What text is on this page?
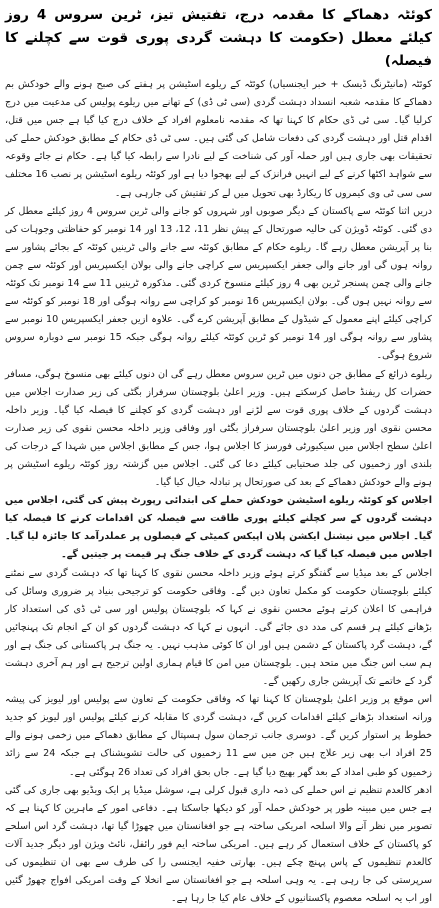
کوئٹہ دھماکے کا مقدمہ درج، تفتیش تیز، ٹرین سروس 4 روز کیلئے معطل (حکومت کا دہشت گردی پوری قوت سے کچلنے کا فیصلہ)

کوئٹہ (مانیٹرنگ ڈیسک + خبر ایجنسیاں) کوئٹہ کے ریلوے اسٹیشن پر ہفتے کی صبح ہونے والے خودکش بم دھماکے کا مقدمہ شعبہ انسداد دہشت گردی (سی ٹی ڈی) کے تھانے میں ریلوے پولیس کی مدعیت میں درج کرلیا گیا۔ سی ٹی ڈی حکام کا کہنا تھا کہ مقدمہ نامعلوم افراد کے خلاف درج کیا گیا ہے جس میں قتل، اقدام قتل اور دہشت گردی کی دفعات شامل کی گئی ہیں۔ سی ٹی ڈی حکام کے مطابق خودکش حملے کی تحقیقات بھی جاری ہیں اور حملہ آور کی شناخت کے لیے نادرا سے رابطہ کیا گیا ہے۔ حکام نے جائے وقوعہ سے شواہد اکٹھا کرنے کے لیے انہیں فرانزک کے لیے بھجوا دیا ہے اور کوئٹہ ریلوے اسٹیشن پر نصب 16 مختلف سی سی ٹی وی کیمروں کا ریکارڈ بھی تحویل میں لے کر تفتیش کی جارہی ہے۔

دریں اثنا کوئٹہ سے پاکستان کے دیگر صوبوں اور شہروں کو جانے والی ٹرین سروس 4 روز کیلئے معطل کر دی گئی۔ کوئٹہ ڈویژن کی حالیہ صورتحال کے پیش نظر 11، 12، 13 اور 14 نومبر کو حفاظتی وجوہات کی بنا پر آپریشن معطل رہے گا۔ ریلوے حکام کے مطابق کوئٹہ سے جانے والی ٹرینیں کوئٹہ کے بجائے پشاور سے روانہ ہوں گی اور جانے والی جعفر ایکسپریس سے کراچی جانے والی بولان ایکسپریس اور کوئٹہ سے چمن جانے والی چمن پسنجر ٹرین بھی 4 روز کیلئے منسوخ کردی گئی۔ مذکورہ ٹرینیں 11 سے 14 نومبر تک کوئٹہ سے روانہ نہیں ہوں گی۔ بولان ایکسپریس 16 نومبر کو کراچی سے روانہ ہوگی اور 18 نومبر کو کوئٹہ سے کراچی کیلئے اپنے معمول کے شیڈول کے مطابق آپریشن کرے گی۔ علاوہ ازیں جعفر ایکسپریس 10 نومبر سے پشاور سے روانہ ہوگی اور 14 نومبر کو ٹرین کوئٹہ کیلئے روانہ ہوگی جبکہ 15 نومبر سے دوبارہ سروس شروع ہوگی۔

ریلوے ذرائع کے مطابق جن دنوں میں ٹرین سروس معطل رہے گی ان دنوں کیلئے بھی منسوخ ہوگی، مسافر حضرات کل ریفنڈ حاصل کرسکتے ہیں۔ وزیر اعلیٰ بلوچستان سرفراز بگٹی کی زیر صدارت اجلاس میں دہشت گردوں کے خلاف پوری قوت سے لڑنے اور دہشت گردی کو کچلنے کا فیصلہ کیا گیا۔ وزیر داخلہ محسن نقوی اور وزیر اعلیٰ بلوچستان سرفراز بگٹی اور وفاقی وزیر داخلہ محسن نقوی کی زیر صدارت اعلیٰ سطح اجلاس میں سیکیورٹی فورسز کا اجلاس ہوا، جس کے مطابق اجلاس میں شہدا کے درجات کی بلندی اور زخمیوں کی جلد صحتیابی کیلئے دعا کی گئی۔ اجلاس میں گزشتہ روز کوئٹہ ریلوے اسٹیشن پر ہونے والے خودکش دھماکے کے بعد کی صورتحال پر تبادلہ خیال کیا گیا۔

اجلاس کو کوئٹہ ریلوے اسٹیشن خودکش حملے کی ابتدائی رپورٹ پیش کی گئی، اجلاس میں دہشت گردوں کے سر کچلنے کیلئے پوری طاقت سے فیصلہ کن اقدامات کرنے کا فیصلہ کیا گیا۔ اجلاس میں نیشنل ایکشن پلان اپیکس کمیٹی کے فیصلوں پر عملدرآمد کا جائزہ لیا گیا۔ اجلاس میں فیصلہ کیا گیا کہ دہشت گردی کے خلاف جنگ ہر قیمت پر جیتیں گے۔

اجلاس کے بعد میڈیا سے گفتگو کرتے ہوئے وزیر داخلہ محسن نقوی کا کہنا تھا کہ دہشت گردی سے نمٹنے کیلئے بلوچستان حکومت کو مکمل تعاون دیں گے۔ وفاقی حکومت کو ترجیحی بنیاد پر ضروری وسائل کی فراہمی کا اعلان کرتے ہوئے محسن نقوی نے کہا کہ بلوچستان پولیس اور سی ٹی ڈی کی استعداد کار بڑھانے کیلئے ہر قسم کی مدد دی جائے گی۔ انہوں نے کہا کہ دہشت گردوں کو ان کے انجام تک پہنچائیں گے، دہشت گرد پاکستان کے دشمن ہیں اور ان کا کوئی مذہب نہیں۔ یہ جنگ ہر پاکستانی کی جنگ ہے اور ہم سب اس جنگ میں متحد ہیں۔ بلوچستان میں امن کا قیام ہماری اولین ترجیح ہے اور ہم آخری دہشت گرد کے خاتمے تک آپریشن جاری رکھیں گے۔

اس موقع پر وزیر اعلیٰ بلوچستان کا کہنا تھا کہ وفاقی حکومت کے تعاون سے پولیس اور لیویز کی پیشہ ورانہ استعداد بڑھانے کیلئے اقدامات کریں گے، دہشت گردی کا مقابلہ کرنے کیلئے پولیس اور لیویز کو جدید خطوط پر استوار کریں گے۔ دوسری جانب ترجمان سول ہسپتال کے مطابق دھماکے میں زخمی ہونے والے 25 افراد اب بھی زیر علاج ہیں جن میں سے 11 زخمیوں کی حالت تشویشناک ہے جبکہ 24 سے زائد زخمیوں کو طبی امداد کے بعد گھر بھیج دیا گیا ہے۔ جاں بحق افراد کی تعداد 26 ہوگئی ہے۔

ادھر کالعدم تنظیم نے اس حملے کی ذمہ داری قبول کرلی ہے، سوشل میڈیا پر ایک ویڈیو بھی جاری کی گئی ہے جس میں مبینہ طور پر خودکش حملہ آور کو دیکھا جاسکتا ہے۔ دفاعی امور کے ماہرین کا کہنا ہے کہ تصویر میں نظر آنے والا اسلحہ امریکی ساختہ ہے جو افغانستان میں چھوڑا گیا تھا، دہشت گرد اس اسلحے کو پاکستان کے خلاف استعمال کر رہے ہیں۔ امریکی ساختہ ایم فور رائفل، نائٹ ویژن اور دیگر جدید آلات کالعدم تنظیموں کے پاس پہنچ چکے ہیں۔ بھارتی خفیہ ایجنسی را کی طرف سے بھی ان تنظیموں کی سرپرستی کی جا رہی ہے۔ یہ وہی اسلحہ ہے جو افغانستان سے انخلا کے وقت امریکی افواج چھوڑ گئیں اور اب یہ اسلحہ معصوم پاکستانیوں کے خلاف عام کیا جا رہا ہے۔
